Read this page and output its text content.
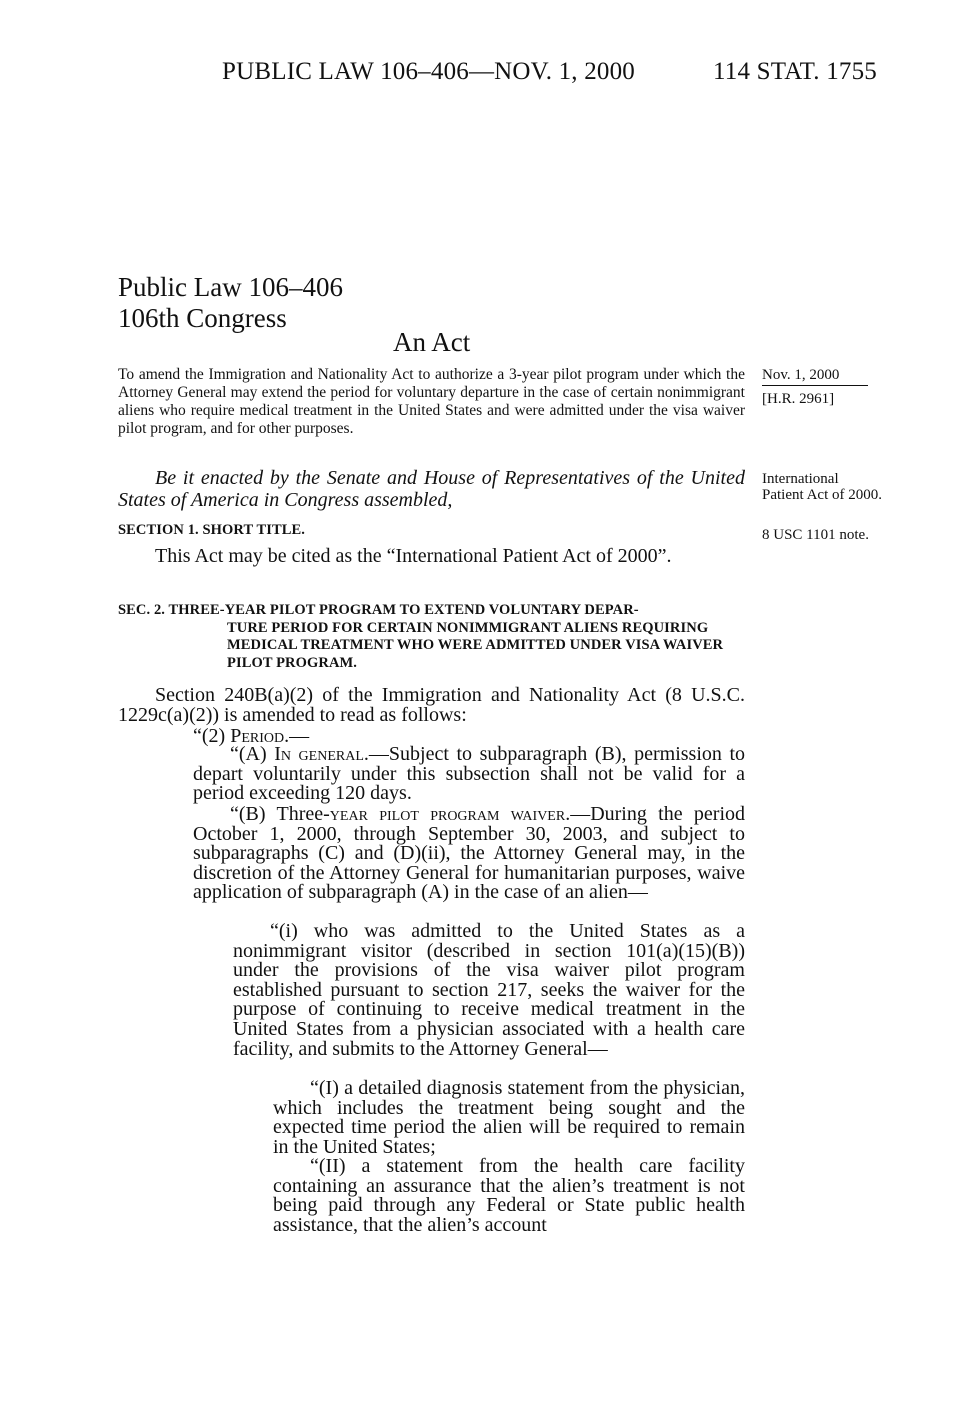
PUBLIC LAW 106–406—NOV. 1, 2000	114 STAT. 1755
Public Law 106–406
106th Congress
An Act
To amend the Immigration and Nationality Act to authorize a 3-year pilot program under which the Attorney General may extend the period for voluntary departure in the case of certain nonimmigrant aliens who require medical treatment in the United States and were admitted under the visa waiver pilot program, and for other purposes.
Nov. 1, 2000
[H.R. 2961]
International Patient Act of 2000.
8 USC 1101 note.
Be it enacted by the Senate and House of Representatives of the United States of America in Congress assembled,
SECTION 1. SHORT TITLE.
This Act may be cited as the “International Patient Act of 2000”.
SEC. 2. THREE-YEAR PILOT PROGRAM TO EXTEND VOLUNTARY DEPAR-
TURE PERIOD FOR CERTAIN NONIMMIGRANT ALIENS REQUIRING MEDICAL TREATMENT WHO WERE ADMITTED UNDER VISA WAIVER PILOT PROGRAM.
Section 240B(a)(2) of the Immigration and Nationality Act (8 U.S.C. 1229c(a)(2)) is amended to read as follows:
“(2) Period.—
“(A) In general.—Subject to subparagraph (B), permission to depart voluntarily under this subsection shall not be valid for a period exceeding 120 days.
“(B) Three-year pilot program waiver.—During the period October 1, 2000, through September 30, 2003, and subject to subparagraphs (C) and (D)(ii), the Attorney General may, in the discretion of the Attorney General for humanitarian purposes, waive application of subparagraph (A) in the case of an alien—
“(i) who was admitted to the United States as a nonimmigrant visitor (described in section 101(a)(15)(B)) under the provisions of the visa waiver pilot program established pursuant to section 217, seeks the waiver for the purpose of continuing to receive medical treatment in the United States from a physician associated with a health care facility, and submits to the Attorney General—
“(I) a detailed diagnosis statement from the physician, which includes the treatment being sought and the expected time period the alien will be required to remain in the United States;
“(II) a statement from the health care facility containing an assurance that the alien’s treatment is not being paid through any Federal or State public health assistance, that the alien’s account
